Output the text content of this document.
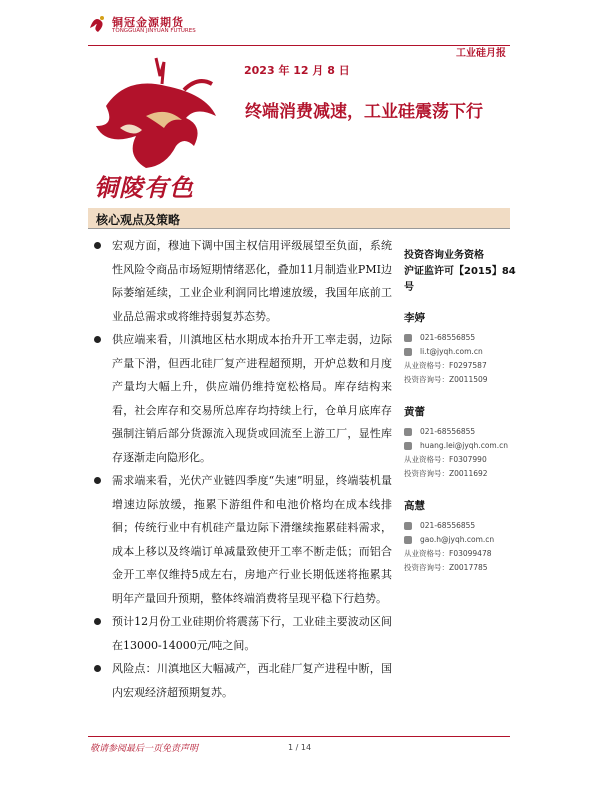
铜冠金源期货
TONGGUAN JINYUAN FUTURES
工业硅月报
铜陵有色
2023 年 12 月 8 日
终端消费减速，工业硅震荡下行
核心观点及策略
宏观方面，穆迪下调中国主权信用评级展望至负面，系统性风险令商品市场短期情绪恶化，叠加11月制造业PMI边际萎缩延续，工业企业利润同比增速放缓，我国年底前工业品总需求或将维持弱复苏态势。
供应端来看，川滇地区枯水期成本抬升开工率走弱，边际产量下滑，但西北硅厂复产进程超预期，开炉总数和月度产量均大幅上升，供应端仍维持宽松格局。库存结构来看，社会库存和交易所总库存均持续上行，仓单月底库存强制注销后部分货源流入现货或回流至上游工厂，显性库存逐渐走向隐形化。
需求端来看，光伏产业链四季度“失速”明显，终端装机量增速边际放缓，拖累下游组件和电池价格均在成本线排徊；传统行业中有机硅产量边际下滑继续拖累硅料需求，成本上移以及终端订单减量致使开工率不断走低；而铝合金开工率仅维持5成左右，房地产行业长期低迷将拖累其明年产量回升预期，整体终端消费将呈现平稳下行趋势。
预计12月份工业硅期价将震荡下行，工业硅主要波动区间在13000-14000元/吨之间。
风险点：川滇地区大幅减产，西北硅厂复产进程中断，国内宏观经济超预期复苏。
投资咨询业务资格
沪证监许可【2015】84 号
李婷
021-68556855
li.t@jyqh.com.cn
从业资格号：F0297587
投资咨询号：Z0011509
黄蕾
021-68556855
huang.lei@jyqh.com.cn
从业资格号：F0307990
投资咨询号：Z0011692
高慧
021-68556855
gao.h@jyqh.com.cn
从业资格号：F03099478
投资咨询号：Z0017785
敬请参阅最后一页免责声明	1 / 14
